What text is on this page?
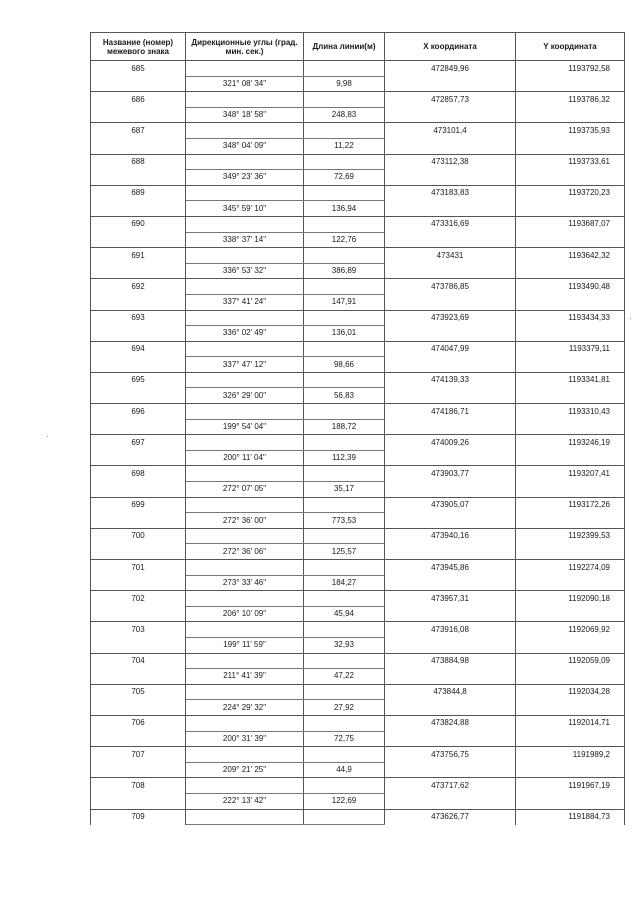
Название (номер) межевого знака	Дирекционные углы (град. мин. сек.)	Длина линии(м)	X координата	Y координата
685			472849,96	1193792,58
	321° 08' 34"	9,98		
686			472857,73	1193786,32
	348° 18' 58"	248,83		
687			473101,4	1193735,93
	348° 04' 09"	11,22		
688			473112,38	1193733,61
	349° 23' 36"	72,69		
689			473183,83	1193720,23
	345° 59' 10"	136,94		
690			473316,69	1193687,07
	338° 37' 14"	122,76		
691			473431	1193642,32
	336° 53' 32"	386,89		
692			473786,85	1193490,48
	337° 41' 24"	147,91		
693			473923,69	1193434,33
	336° 02' 49"	136,01		
694			474047,99	1193379,11
	337° 47' 12"	98,66		
695			474139,33	1193341,81
	326° 29' 00"	56,83		
696			474186,71	1193310,43
	199° 54' 04"	188,72		
697			474009,26	1193246,19
	200° 11' 04"	112,39		
698			473903,77	1193207,41
	272° 07' 05"	35,17		
699			473905,07	1193172,26
	272° 36' 00"	773,53		
700			473940,16	1192399,53
	272° 36' 06"	125,57		
701			473945,86	1192274,09
	273° 33' 46"	184,27		
702			473957,31	1192090,18
	206° 10' 09"	45,94		
703			473916,08	1192069,92
	199° 11' 59"	32,93		
704			473884,98	1192059,09
	211° 41' 39"	47,22		
705			473844,8	1192034,28
	224° 29' 32"	27,92		
706			473824,88	1192014,71
	200° 31' 39"	72,75		
707			473756,75	1191989,2
	209° 21' 25"	44,9		
708			473717,62	1191967,19
	222° 13' 42"	122,69		
709			473626,77	1191884,73
